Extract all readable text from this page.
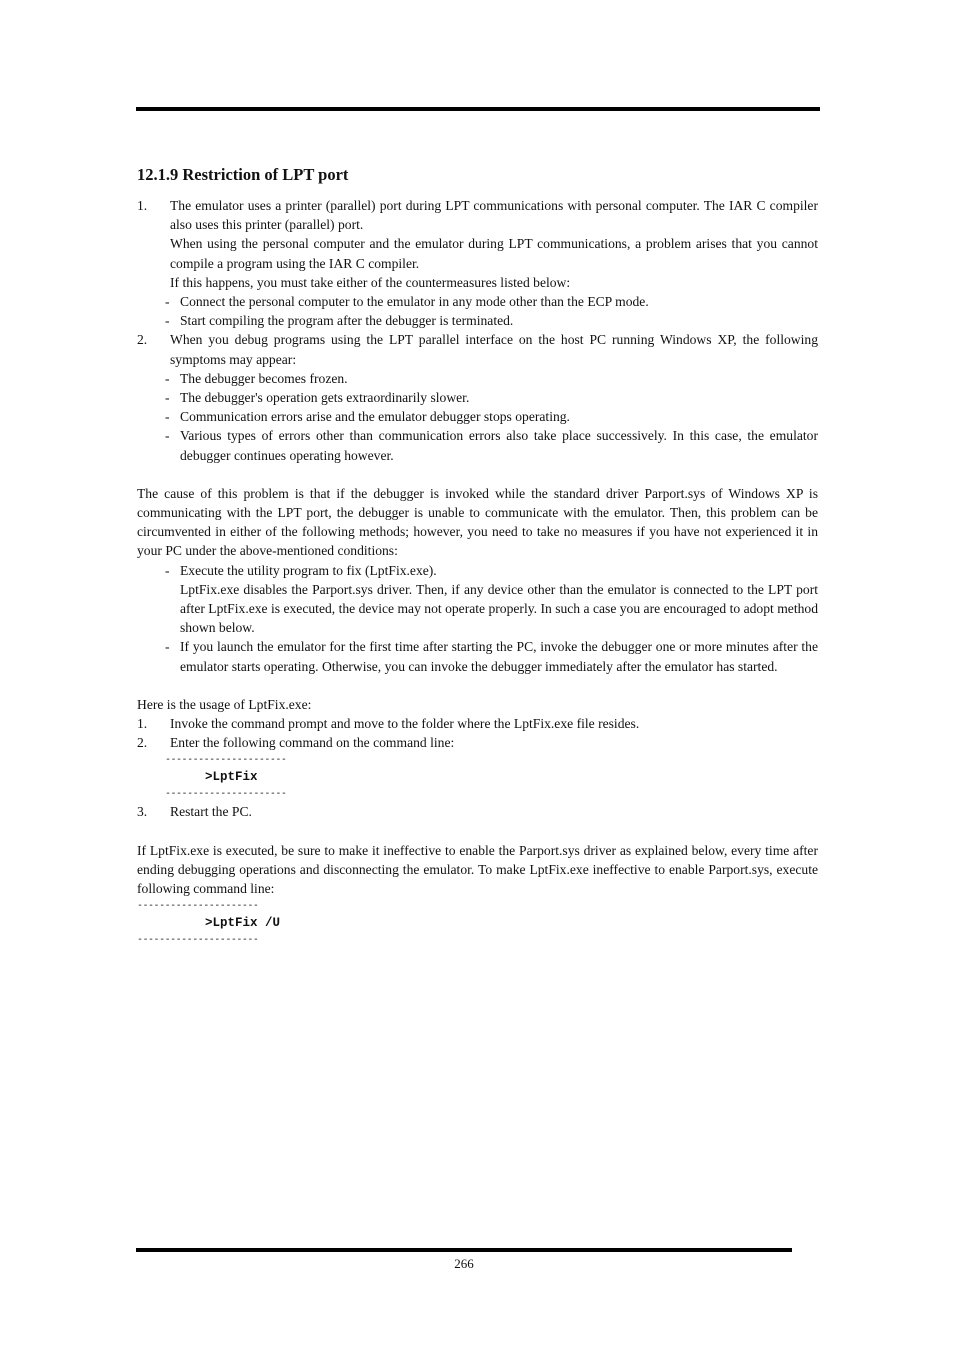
12.1.9 Restriction of LPT port
1. The emulator uses a printer (parallel) port during LPT communications with personal computer. The IAR C compiler also uses this printer (parallel) port.

When using the personal computer and the emulator during LPT communications, a problem arises that you cannot compile a program using the IAR C compiler.

If this happens, you must take either of the countermeasures listed below:

- Connect the personal computer to the emulator in any mode other than the ECP mode.
- Start compiling the program after the debugger is terminated.
2. When you debug programs using the LPT parallel interface on the host PC running Windows XP, the following symptoms may appear:

- The debugger becomes frozen.
- The debugger's operation gets extraordinarily slower.
- Communication errors arise and the emulator debugger stops operating.
- Various types of errors other than communication errors also take place successively. In this case, the emulator debugger continues operating however.

The cause of this problem is that if the debugger is invoked while the standard driver Parport.sys of Windows XP is communicating with the LPT port, the debugger is unable to communicate with the emulator. Then, this problem can be circumvented in either of the following methods; however, you need to take no measures if you have not experienced it in your PC under the above-mentioned conditions:

- Execute the utility program to fix (LptFix.exe).

LptFix.exe disables the Parport.sys driver. Then, if any device other than the emulator is connected to the LPT port after LptFix.exe is executed, the device may not operate properly. In such a case you are encouraged to adopt method shown below.

- If you launch the emulator for the first time after starting the PC, invoke the debugger one or more minutes after the emulator starts operating. Otherwise, you can invoke the debugger immediately after the emulator has started.

Here is the usage of LptFix.exe:

1. Invoke the command prompt and move to the folder where the LptFix.exe file resides.
2. Enter the following command on the command line:
----------------------
>LptFix
----------------------
3. Restart the PC.

If LptFix.exe is executed, be sure to make it ineffective to enable the Parport.sys driver as explained below, every time after ending debugging operations and disconnecting the emulator. To make LptFix.exe ineffective to enable Parport.sys, execute following command line:

----------------------
>LptFix /U
----------------------
266
